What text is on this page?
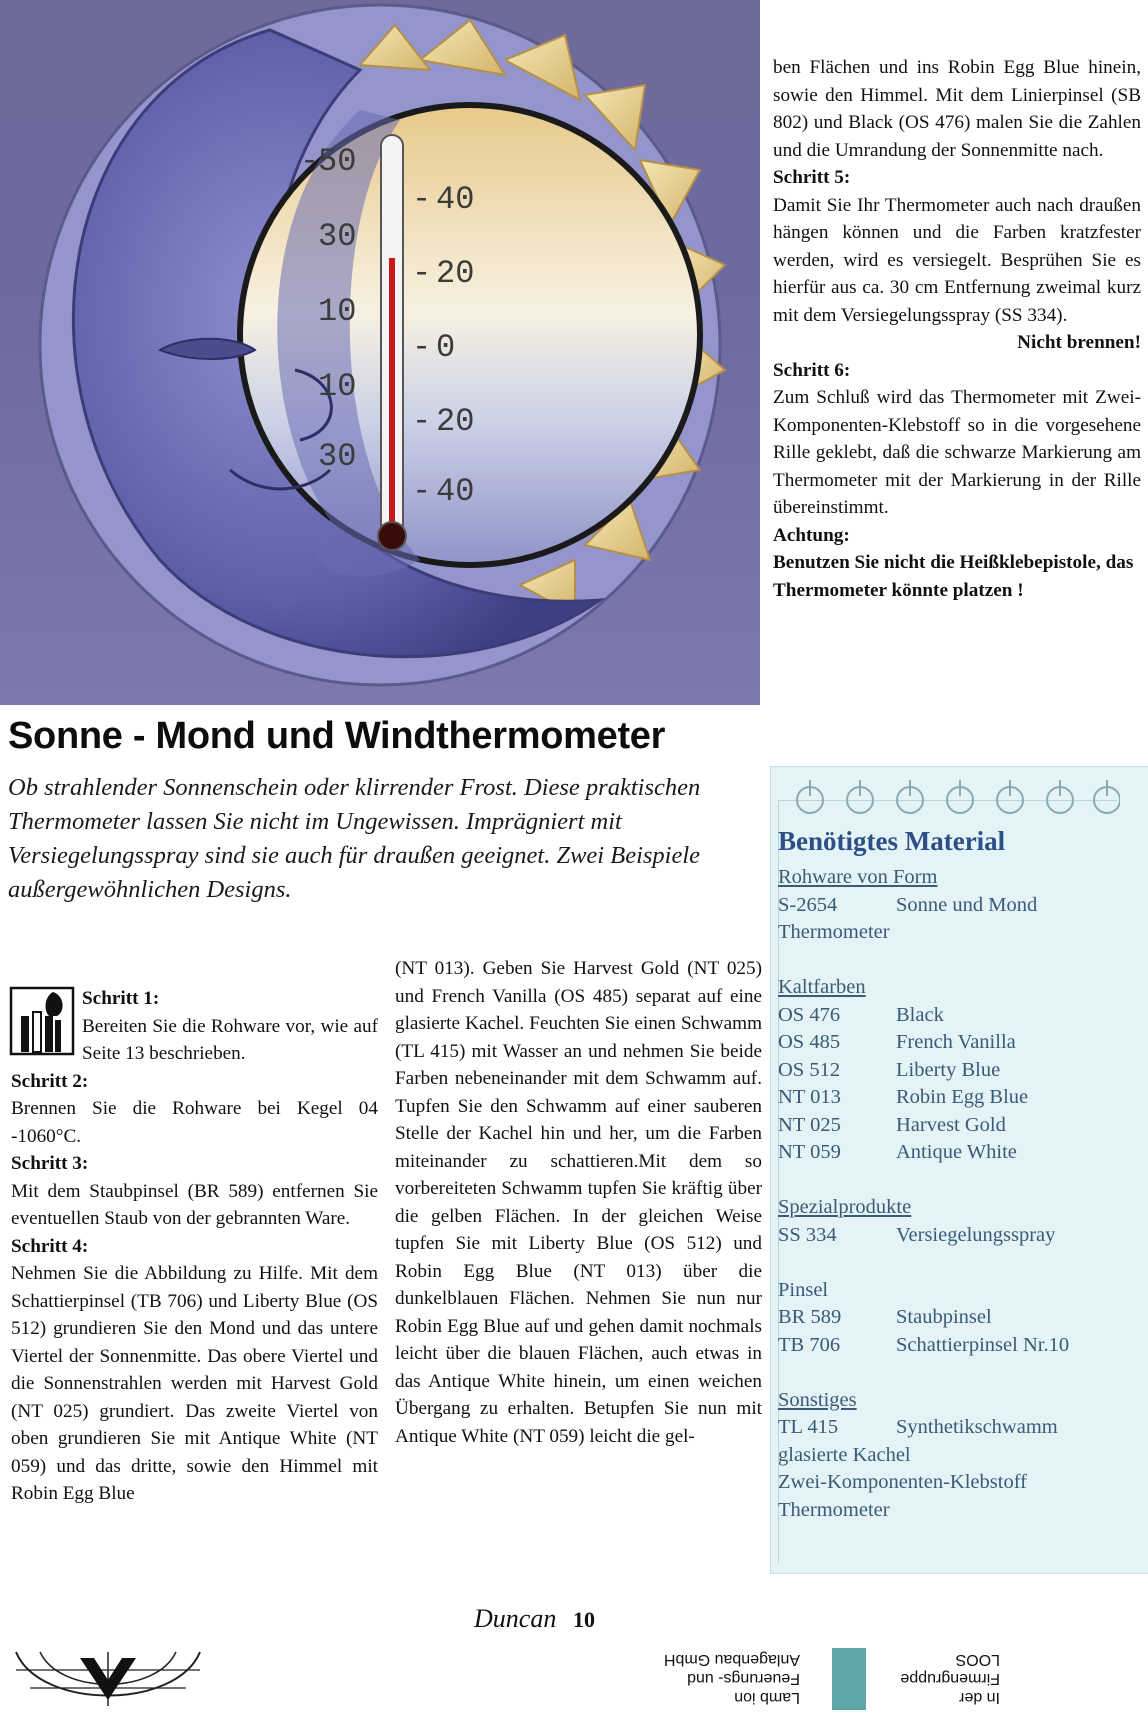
50
30
10
10
30
-
- 40
- 20
- 0
- 20
- 40

ben Flächen und ins Robin Egg Blue hinein, sowie den Himmel. Mit dem Linierpinsel (SB 802) und Black (OS 476) malen Sie die Zahlen und die Umrandung der Sonnenmitte nach.

Schritt 5:

Damit Sie Ihr Thermometer auch nach draußen hängen können und die Farben kratzfester werden, wird es versiegelt. Besprühen Sie es hierfür aus ca. 30 cm Entfernung zweimal kurz mit dem Versiegelungsspray (SS 334).

Nicht brennen!

Schritt 6:

Zum Schluß wird das Thermometer mit Zwei-Komponenten-Klebstoff so in die vorgesehene Rille geklebt, daß die schwarze Markierung am Thermometer mit der Markierung in der Rille übereinstimmt.

Achtung:

Benutzen Sie nicht die Heißklebepistole, das Thermometer könnte platzen !

Sonne - Mond und Windthermometer
Ob strahlender Sonnenschein oder klirrender Frost. Diese praktischen Thermometer lassen Sie nicht im Ungewissen. Imprägniert mit Versiegelungsspray sind sie auch für draußen geeignet. Zwei Beispiele außergewöhnlichen Designs.

Schritt 1:

Bereiten Sie die Rohware vor, wie auf Seite 13 beschrieben.

Schritt 2:

Brennen Sie die Rohware bei Kegel 04 -1060°C.

Schritt 3:

Mit dem Staubpinsel (BR 589) entfernen Sie eventuellen Staub von der gebrannten Ware.

Schritt 4:

Nehmen Sie die Abbildung zu Hilfe. Mit dem Schattierpinsel (TB 706) und Liberty Blue (OS 512) grundieren Sie den Mond und das untere Viertel der Sonnenmitte. Das obere Viertel und die Sonnenstrahlen werden mit Harvest Gold (NT 025) grundiert. Das zweite Viertel von oben grundieren Sie mit Antique White (NT 059) und das dritte, sowie den Himmel mit Robin Egg Blue

(NT 013). Geben Sie Harvest Gold (NT 025) und French Vanilla (OS 485) separat auf eine glasierte Kachel. Feuchten Sie einen Schwamm (TL 415) mit Wasser an und nehmen Sie beide Farben nebeneinander mit dem Schwamm auf. Tupfen Sie den Schwamm auf einer sauberen Stelle der Kachel hin und her, um die Farben miteinander zu schattieren.Mit dem so vorbereiteten Schwamm tupfen Sie kräftig über die gelben Flächen. In der gleichen Weise tupfen Sie mit Liberty Blue (OS 512) und Robin Egg Blue (NT 013) über die dunkelblauen Flächen. Nehmen Sie nun nur Robin Egg Blue auf und gehen damit nochmals leicht über die blauen Flächen, auch etwas in das Antique White hinein, um einen weichen Übergang zu erhalten. Betupfen Sie nun mit Antique White (NT 059) leicht die gel-

Benötigtes Material
Rohware von Form
S-2654	Sonne und Mond
Thermometer
Kaltfarben
OS 476	Black
OS 485	French Vanilla
OS 512	Liberty Blue
NT 013	Robin Egg Blue
NT 025	Harvest Gold
NT 059	Antique White
Spezialprodukte
SS 334	Versiegelungsspray
Pinsel
BR 589	Staubpinsel
TB 706	Schattierpinsel Nr.10
Sonstiges
TL 415	Synthetikschwamm
glasierte Kachel
Zwei-Komponenten-Klebstoff
Thermometer
Duncan 10
Lamb ion
Feuerungs- und
Anlagenbau GmbH
In der
Firmengruppe
LOOS
